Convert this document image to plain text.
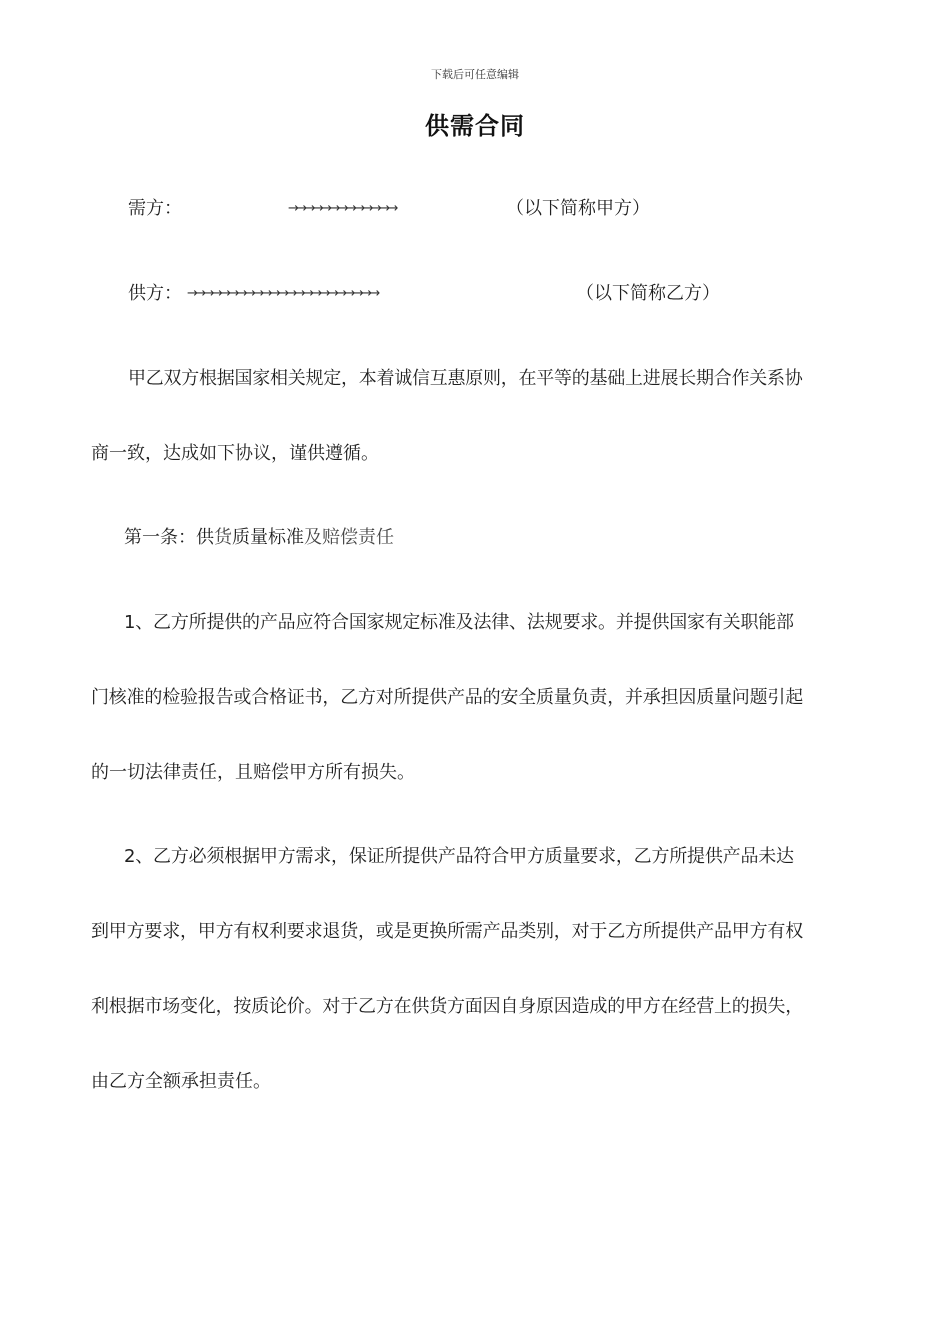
下载后可任意编辑
供需合同
需方：	→→→→→→→→→→→→→	（以下简称甲方）
供方： →→→→→→→→→→→→→→→→→→→→→→→	（以下简称乙方）
甲乙双方根据国家相关规定，本着诚信互惠原则，在平等的基础上进展长期合作关系协
商一致，达成如下协议，谨供遵循。
第一条：供货质量标准及赔偿责任
1、乙方所提供的产品应符合国家规定标准及法律、法规要求。并提供国家有关职能部
门核准的检验报告或合格证书，乙方对所提供产品的安全质量负责，并承担因质量问题引起
的一切法律责任，且赔偿甲方所有损失。
2、乙方必须根据甲方需求，保证所提供产品符合甲方质量要求，乙方所提供产品未达
到甲方要求，甲方有权利要求退货，或是更换所需产品类别，对于乙方所提供产品甲方有权
利根据市场变化，按质论价。对于乙方在供货方面因自身原因造成的甲方在经营上的损失，
由乙方全额承担责任。
